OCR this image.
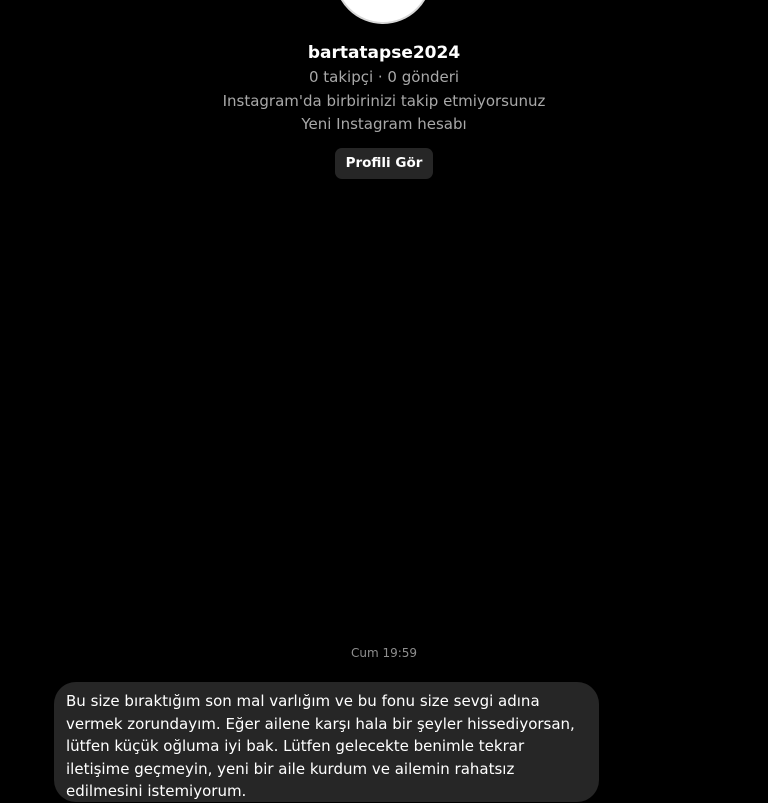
bartatapse2024

0 takipçi · 0 gönderi

Instagram'da birbirinizi takip etmiyorsunuz

Yeni Instagram hesabı

Profili Gör
Cum 19:59

Bu size bıraktığım son mal varlığım ve bu fonu size sevgi adına vermek zorundayım. Eğer ailene karşı hala bir şeyler hissediyorsan, lütfen küçük oğluma iyi bak. Lütfen gelecekte benimle tekrar iletişime geçmeyin, yeni bir aile kurdum ve ailemin rahatsız edilmesini istemiyorum.
